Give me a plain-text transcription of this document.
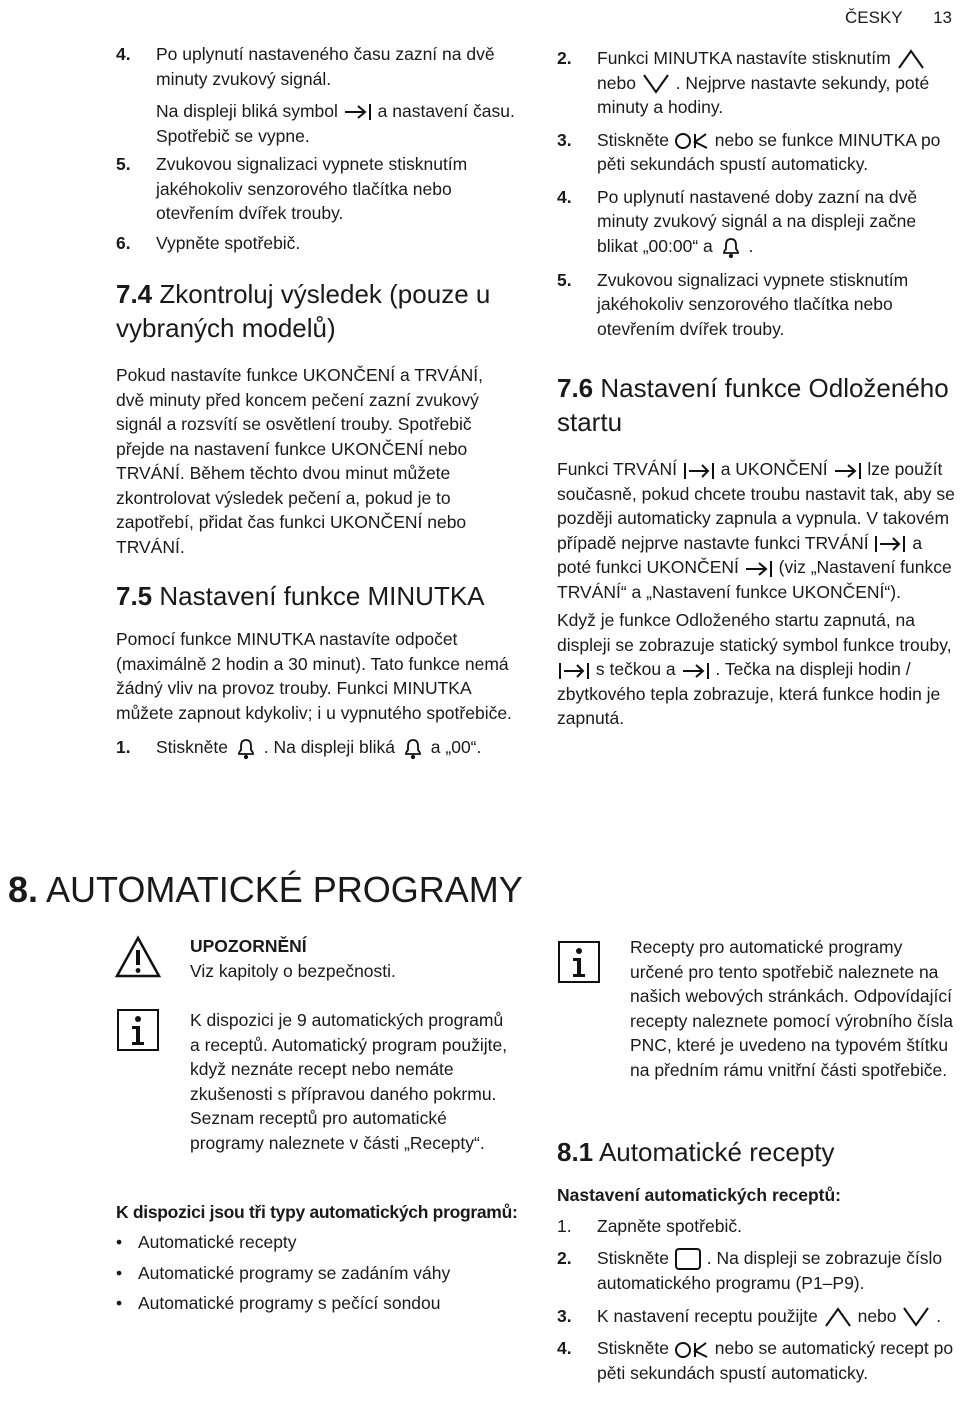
ČESKY 13
4. Po uplynutí nastaveného času zazní na dvě minuty zvukový signál.
Na displeji bliká symbol a nastavení času. Spotřebič se vypne.
5. Zvukovou signalizaci vypnete stisknutím jakéhokoliv senzorového tlačítka nebo otevřením dvířek trouby.
6. Vypněte spotřebič.
7.4 Zkontroluj výsledek (pouze u vybraných modelů)

Pokud nastavíte funkce UKONČENÍ a TRVÁNÍ, dvě minuty před koncem pečení zazní zvukový signál a rozsvítí se osvětlení trouby. Spotřebič přejde na nastavení funkce UKONČENÍ nebo TRVÁNÍ. Během těchto dvou minut můžete zkontrolovat výsledek pečení a, pokud je to zapotřebí, přidat čas funkci UKONČENÍ nebo TRVÁNÍ.

7.5 Nastavení funkce MINUTKA

Pomocí funkce MINUTKA nastavíte odpočet (maximálně 2 hodin a 30 minut). Tato funkce nemá žádný vliv na provoz trouby. Funkci MINUTKA můžete zapnout kdykoliv; i u vypnutého spotřebiče.

1. Stiskněte . Na displeji bliká a „00“.
2. Funkci MINUTKA nastavíte stisknutím  nebo . Nejprve nastavte sekundy, poté minuty a hodiny.
3. Stiskněte	nebo se funkce MINUTKA po pěti sekundách spustí automaticky.
4. Po uplynutí nastavené doby zazní na dvě minuty zvukový signál a na displeji začne blikat „00:00“ a .
5. Zvukovou signalizaci vypnete stisknutím jakéhokoliv senzorového tlačítka nebo otevřením dvířek trouby.
7.6 Nastavení funkce Odloženého startu

Funkci TRVÁNÍ	a UKONČENÍ lze použít současně, pokud chcete troubu nastavit tak, aby se později automaticky zapnula a vypnula. V takovém případě nejprve nastavte funkci TRVÁNÍ	a poté funkci UKONČENÍ (viz „Nastavení funkce TRVÁNÍ“ a „Nastavení funkce UKONČENÍ“).

Když je funkce Odloženého startu zapnutá, na displeji se zobrazuje statický symbol funkce trouby,  s tečkou a . Tečka na displeji hodin / zbytkového tepla zobrazuje, která funkce hodin je zapnutá.

8. AUTOMATICKÉ PROGRAMY
UPOZORNĚNÍ
Viz kapitoly o bezpečnosti.
K dispozici je 9 automatických programů a receptů. Automatický program použijte, když neznáte recept nebo nemáte zkušenosti s přípravou daného pokrmu. Seznam receptů pro automatické programy naleznete v části „Recepty“.
K dispozici jsou tři typy automatických programů:
• Automatické recepty
• Automatické programy se zadáním váhy
• Automatické programy s pečící sondou
Recepty pro automatické programy určené pro tento spotřebič naleznete na našich webových stránkách. Odpovídající recepty naleznete pomocí výrobního čísla PNC, které je uvedeno na typovém štítku na předním rámu vnitřní části spotřebiče.
8.1 Automatické recepty
Nastavení automatických receptů:
1. Zapněte spotřebič.
2. Stiskněte . Na displeji se zobrazuje číslo automatického programu (P1–P9).
3. K nastavení receptu použijte nebo .
4. Stiskněte	nebo se automatický recept po pěti sekundách spustí automaticky.
